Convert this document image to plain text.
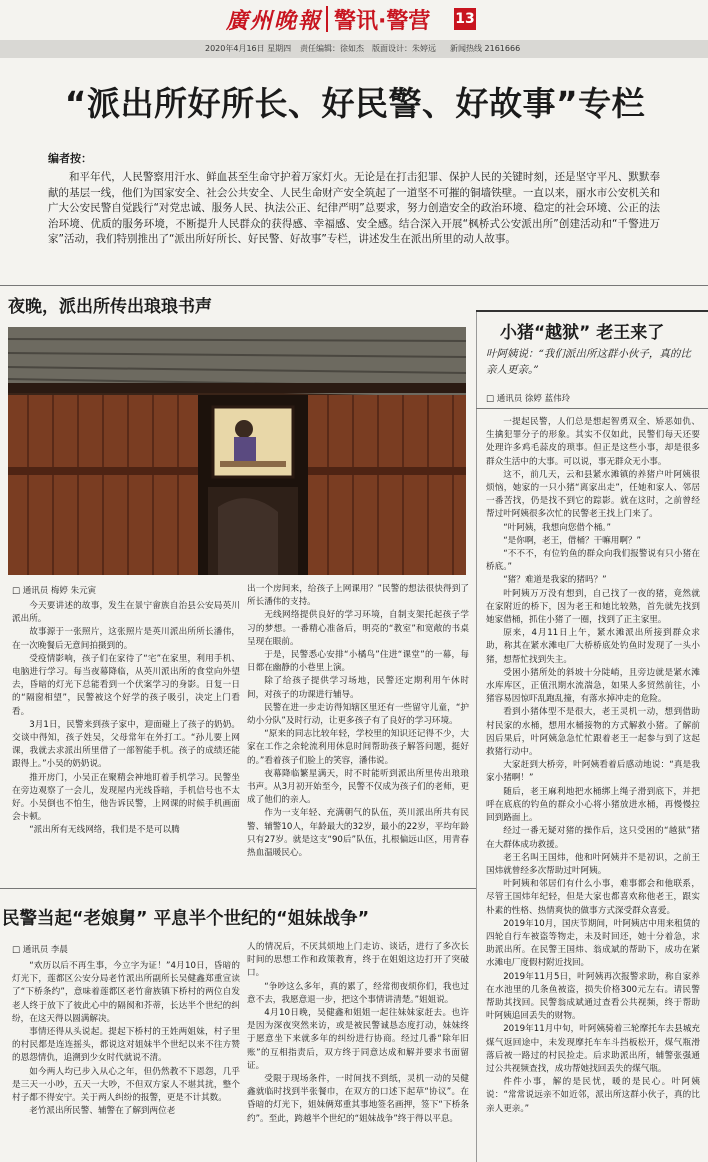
廣州晚報 警讯·警营 13
2020年4月16日 星期四 责任编辑：徐如杰 版面设计：朱婷远 新闻热线 2161666
“派出所好所长、好民警、好故事”专栏
编者按：
和平年代，人民警察用汗水、鲜血甚至生命守护着万家灯火。无论是在打击犯罪、保护人民的关键时刻，还是坚守平凡、默默奉献的基层一线，他们为国家安全、社会公共安全、人民生命财产安全筑起了一道坚不可摧的铜墙铁壁。一直以来，丽水市公安机关和广大公安民警自觉践行“对党忠诚、服务人民、执法公正、纪律严明”总要求，努力创造安全的政治环境、稳定的社会环境、公正的法治环境、优质的服务环境，不断提升人民群众的获得感、幸福感、安全感。结合深入开展“枫桥式公安派出所”创建活动和“千警进万家”活动，我们特别推出了“派出所好所长、好民警、好故事”专栏，讲述发生在派出所里的动人故事。
夜晚，派出所传出琅琅书声
□ 通讯员 梅婷 朱元寅

今天要讲述的故事，发生在景宁畲族自治县公安局英川派出所。

故事源于一张照片，这张照片是英川派出所所长潘伟，在一次晚餐后无意间拍摄到的。

受疫情影响，孩子们在家待了“宅”在家里，利用手机、电脑进行学习。每当夜幕降临，从英川派出所的食堂向外望去，昏暗的灯光下总能看到一个伏案学习的身影。日复一日的“隔窗相望”，民警被这个好学的孩子吸引，决定上门看看。

3月1日，民警来到孩子家中，迎面碰上了孩子的奶奶。交谈中得知，孩子姓吴，父母常年在外打工。“孙儿要上网课，我就去求派出所里借了一部智能手机。孩子的成绩还能跟得上。”小吴的奶奶说。

推开房门，小吴正在聚精会神地盯着手机学习。民警坐在旁边观察了一会儿，发现屋内光线昏暗，手机信号也不太好。小吴倒也不怕生，他告诉民警，上网课的时候手机画面会卡顿。

“派出所有无线网络，我们是不是可以腾

出一个房间来，给孩子上网课用？”民警的想法很快得到了所长潘伟的支持。

无线网络提供良好的学习环境，自制支架托起孩子学习的梦想。一番精心准备后，明亮的“教室”和宽敞的书桌呈现在眼前。

于是，民警悉心安排“小橘鸟”住进“课堂”的一幕，每日都在幽静的小巷里上演。

除了给孩子提供学习场地，民警还定期利用午休时间，对孩子的功课进行辅导。

民警在进一步走访得知辖区里还有一些留守儿童，“护幼小分队”及时行动，让更多孩子有了良好的学习环境。

“原来的同志比较年轻，学校里的知识还记得不少，大家在工作之余轮流利用休息时间帮助孩子解答问题，挺好的。”看着孩子们脸上的笑容，潘伟说。

夜幕降临繁星满天，时不时能听到派出所里传出琅琅书声。从3月初开始至今，民警不仅成为孩子们的老师，更成了他们的亲人。

作为一支年轻、充满朝气的队伍，英川派出所共有民警、辅警10人，年龄最大的32岁，最小的22岁，平均年龄只有27岁。就是这支“90后”队伍，扎根偏远山区，用青春热血温暖民心。

民警当起“老娘舅” 平息半个世纪的“姐妹战争”
□ 通讯员 李晨

“欢历以后不再生事，今立字为证！”4月10日，昏暗的灯光下，莲都区公安分局老竹派出所副所长吴健鑫郑重宣读了“下桥条约”，意味着莲都区老竹畲族镇下桥村的两位自发老人终于放下了彼此心中的隔阂和芥蒂，长达半个世纪的纠纷，在这天得以圆满解决。

事情还得从头说起。提起下桥村的王姓两姐妹，村子里的村民都是连连摇头，都说这对姐妹半个世纪以来不往方赞的恩怨情仇，追溯到少女时代就说不清。

如今两人均已步入从心之年，但仍然教不下恩怨，几乎是三天一小吵，五天一大吵，不但双方家人不堪其扰，整个村子都不得安宁。关于两人纠纷的报警，更是不计其数。

老竹派出所民警、辅警在了解到两位老

人的情况后，不厌其烦地上门走访、谈话，进行了多次长时间的思想工作和政策教育，终于在姐姐这边打开了突破口。

“争吵这么多年，真的累了，经常彻夜烦你们，我也过意不去，我愿意退一步，把这个事情讲清楚。”姐姐说。

4月10日晚，吴健鑫和姐姐一起往妹妹家赶去。也许是因为深夜突然来访，或是被民警诚恳态度打动，妹妹终于愿意坐下来就多年的纠纷进行协商。经过几番“除年旧账”的互相指责后，双方终于同意达成和解并要求书面留证。

受限于现场条件，一时间找不到纸，灵机一动的吴健鑫就临时找到半张餐巾，在双方的口述下起草“协议”。在昏暗的灯光下，姐妹俩郑重其事地签名画押，签下“下桥条约”。至此，跨越半个世纪的“姐妹战争”终于得以平息。

小猪“越狱” 老王来了
叶阿姨说：“我们派出所这群小伙子，真的比亲人更亲。”
□ 通讯员 徐婷 蓝伟玲

一提起民警，人们总是想起智勇双全、矫恶如仇、生擒犯罪分子的形象。其实不仅如此，民警们每天还要处理许多鸡毛蒜皮的琐事。但正是这些小事，却是很多群众生活中的大事。可以说，事无群众无小事。

这不，前几天，云和县紧水滩镇的养猪户叶阿姨很烦恼，她家的一只小猪“离家出走”，任她和家人、邻居一番苦找，仍是找不到它的踪影。就在这时，之前曾经帮过叶阿姨很多次忙的民警老王找上门来了。

“叶阿姨，我想向您借个桶。”

“是你啊，老王，借桶？干嘛用啊？”

“不不不，有位钓鱼的群众向我们报警说有只小猪在桥底。”

“猪？难道是我家的猪吗？”

叶阿姨万万没有想到，自己找了一夜的猪，竟然就在家附近的桥下，因为老王和她比较熟，首先就先找到她家借桶，抓住小猪了一圈，找到了正主家里。

原来，4月11日上午，紧水滩派出所接到群众求助，称其在紧水滩电厂大桥桥底处钓鱼时发现了一头小猪，想帮忙找到失主。

受困小猪所处的斜坡十分陡峭，且旁边就是紧水滩水库库区，正值汛期水流湍急，如果人多贸然前往，小猪容易因惊吓乱跑乱撞，有落水掉冲走的危险。

看到小猪体型不是很大，老王灵机一动，想到借助村民家的水桶，想用水桶接物的方式解救小猪。了解前因后果后，叶阿姨急急忙忙跟着老王一起参与到了这起救猪行动中。

大家赶到大桥旁，叶阿姨看着后感动地说：“真是我家小猪啊！”

随后，老王麻利地把水桶绑上绳子滑到底下，并把呼在底底的钓鱼的群众小心将小猪放进水桶，再慢慢拉回到路面上。

经过一番无疑对猪的操作后，这只受困的“越狱”猪在大群体成功救援。

老王名叫王国炜，他和叶阿姨并不是初识，之前王国炜就曾经多次帮助过叶阿姨。

叶阿姨和邻居们有什么小事，难事都会和他联系，尽管王国炜年纪轻，但是大家也都喜欢称他老王，跟实朴素的性格、热情爽快的做事方式深受群众喜爱。

2019年10月，国庆节期间，叶阿姨店中用来租赁的四轮自行车被盗等物走，未及时回还，她十分着急，求助派出所。在民警王国炜、翁成斌的帮助下，成功在紧水滩电厂度假村附近找回。

2019年11月5日，叶阿姨再次报警求助，称自家养在水池里的几条鱼被盗，损失价格300元左右。请民警帮助其找回。民警翁成斌通过查看公共视频，终于帮助叶阿姨追回丢失的财物。

2019年11月中旬，叶阿姨骑着三轮摩托车去县城充煤气返回途中，未发现摩托车车斗挡板松开，煤气瓶滑落后被一路过的村民捡走。后求助派出所，辅警张强通过公共视频查找，成功帮她找回丢失的煤气瓶。

件件小事，解的是民忧，暖的是民心。叶阿姨说：“常常说远亲不如近邻，派出所这群小伙子，真的比亲人更亲。”
